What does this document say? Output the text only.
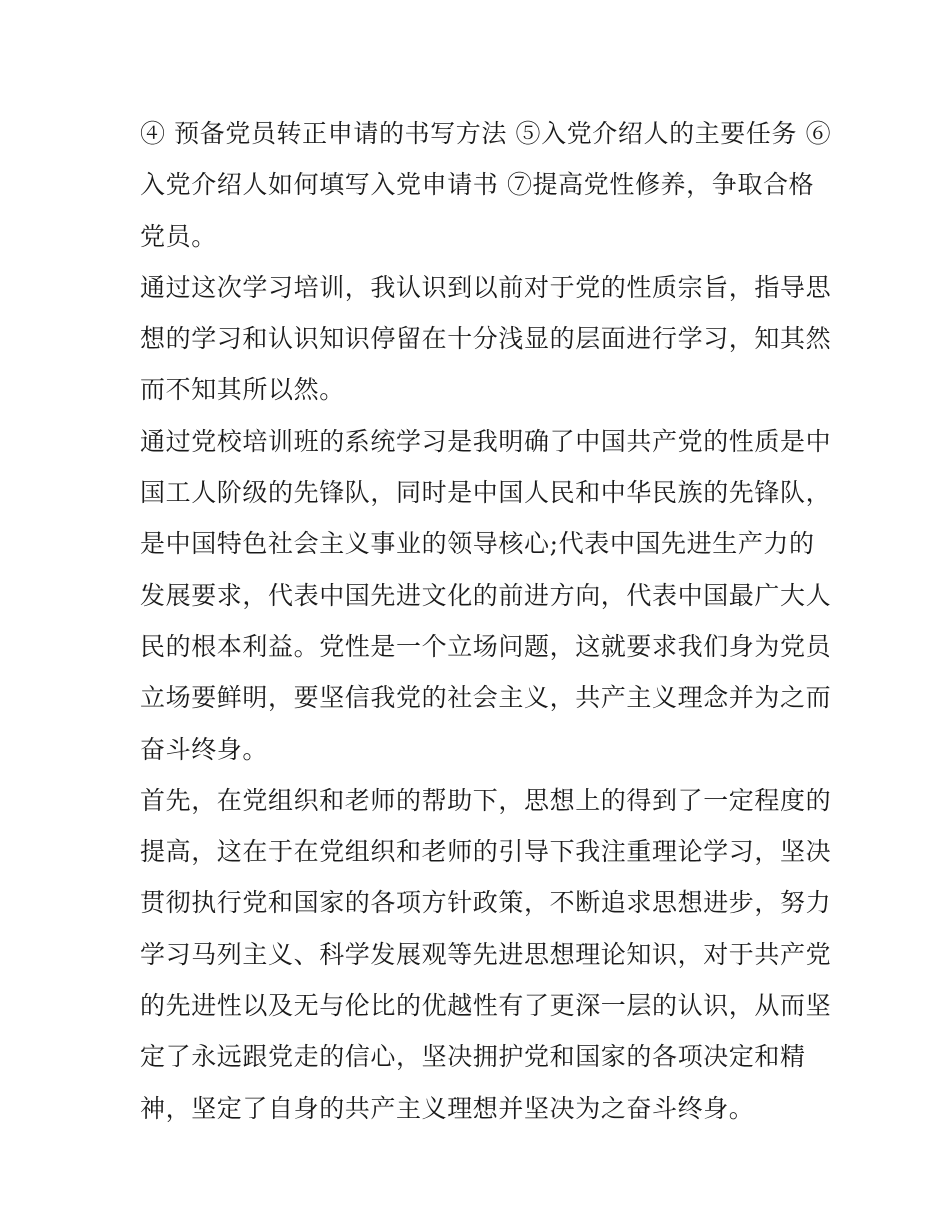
④ 预备党员转正申请的书写方法 ⑤入党介绍人的主要任务 ⑥
入党介绍人如何填写入党申请书 ⑦提高党性修养，争取合格
党员。
通过这次学习培训，我认识到以前对于党的性质宗旨，指导思
想的学习和认识知识停留在十分浅显的层面进行学习，知其然
而不知其所以然。
通过党校培训班的系统学习是我明确了中国共产党的性质是中
国工人阶级的先锋队，同时是中国人民和中华民族的先锋队，
是中国特色社会主义事业的领导核心;代表中国先进生产力的
发展要求，代表中国先进文化的前进方向，代表中国最广大人
民的根本利益。党性是一个立场问题，这就要求我们身为党员
立场要鲜明，要坚信我党的社会主义，共产主义理念并为之而
奋斗终身。
首先，在党组织和老师的帮助下，思想上的得到了一定程度的
提高，这在于在党组织和老师的引导下我注重理论学习，坚决
贯彻执行党和国家的各项方针政策，不断追求思想进步，努力
学习马列主义、科学发展观等先进思想理论知识，对于共产党
的先进性以及无与伦比的优越性有了更深一层的认识，从而坚
定了永远跟党走的信心，坚决拥护党和国家的各项决定和精
神，坚定了自身的共产主义理想并坚决为之奋斗终身。
